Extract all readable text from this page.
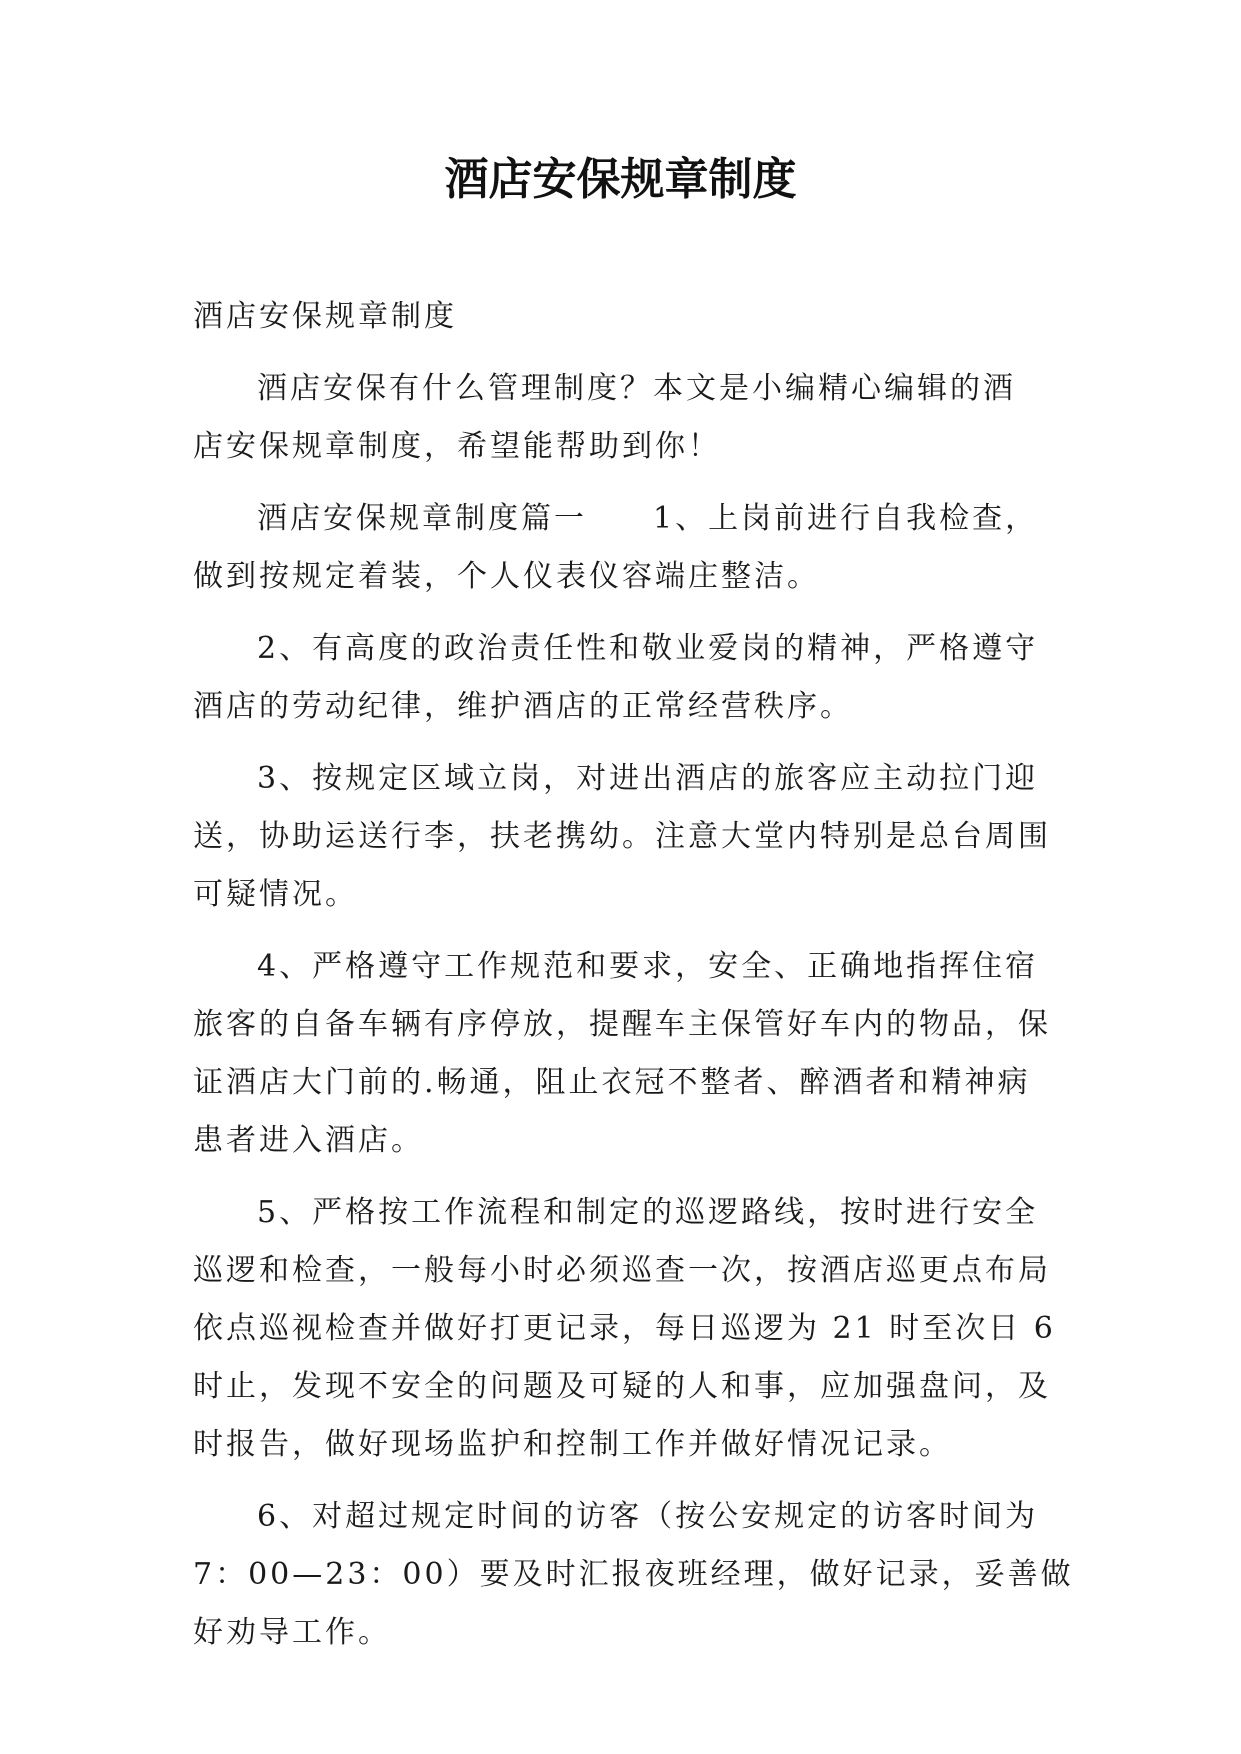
酒店安保规章制度
酒店安保规章制度
酒店安保有什么管理制度？本文是小编精心编辑的酒
店安保规章制度，希望能帮助到你！
酒店安保规章制度篇一　　1、上岗前进行自我检查，
做到按规定着装，个人仪表仪容端庄整洁。
2、有高度的政治责任性和敬业爱岗的精神，严格遵守
酒店的劳动纪律，维护酒店的正常经营秩序。
3、按规定区域立岗，对进出酒店的旅客应主动拉门迎
送，协助运送行李，扶老携幼。注意大堂内特别是总台周围
可疑情况。
4、严格遵守工作规范和要求，安全、正确地指挥住宿
旅客的自备车辆有序停放，提醒车主保管好车内的物品，保
证酒店大门前的.畅通，阻止衣冠不整者、醉酒者和精神病
患者进入酒店。
5、严格按工作流程和制定的巡逻路线，按时进行安全
巡逻和检查，一般每小时必须巡查一次，按酒店巡更点布局
依点巡视检查并做好打更记录，每日巡逻为 21 时至次日 6
时止，发现不安全的问题及可疑的人和事，应加强盘问，及
时报告，做好现场监护和控制工作并做好情况记录。
6、对超过规定时间的访客（按公安规定的访客时间为
7：00—23：00）要及时汇报夜班经理，做好记录，妥善做
好劝导工作。
